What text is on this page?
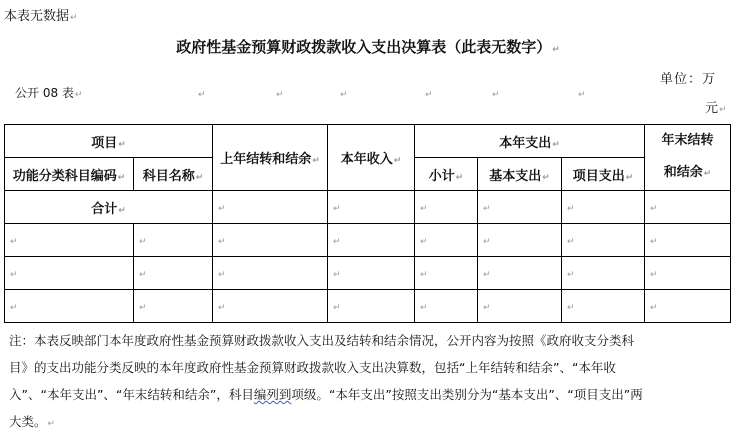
本表无数据↵
政府性基金预算财政拨款收入支出决算表（此表无数字）↵
公开 08 表↵	↵	↵	↵	↵	↵	↵
单位：万
元↵
项目↵		上年结转和结余↵	本年收入↵	本年支出↵			年末结转
和结余↵

功能分类科目编码↵	科目名称↵			小计↵	基本支出↵	项目支出↵	
合计↵		↵	↵	↵	↵	↵	↵
↵	↵	↵	↵	↵	↵	↵	↵
↵	↵	↵	↵	↵	↵	↵	↵
↵	↵	↵	↵	↵	↵	↵	↵
注：本表反映部门本年度政府性基金预算财政拨款收入支出及结转和结余情况，公开内容为按照《政府收支分类科
目》的支出功能分类反映的本年度政府性基金预算财政拨款收入支出决算数，包括“上年结转和结余”、“本年收
入”、“本年支出”、“年末结转和结余”，科目编列到项级。“本年支出”按照支出类别分为“基本支出”、“项目支出”两
大类。↵
